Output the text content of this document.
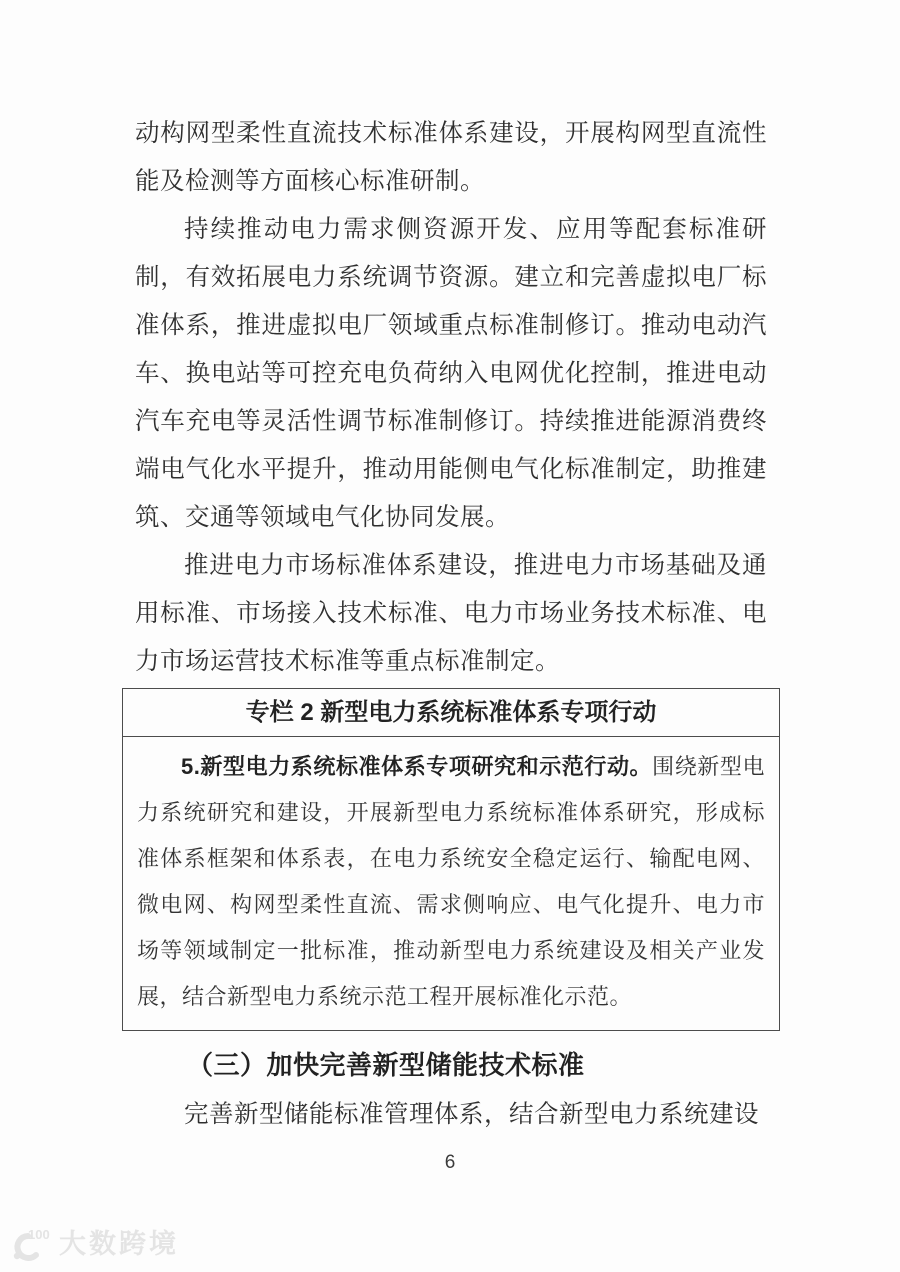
动构网型柔性直流技术标准体系建设，开展构网型直流性能及检测等方面核心标准研制。

持续推动电力需求侧资源开发、应用等配套标准研制，有效拓展电力系统调节资源。建立和完善虚拟电厂标准体系，推进虚拟电厂领域重点标准制修订。推动电动汽车、换电站等可控充电负荷纳入电网优化控制，推进电动汽车充电等灵活性调节标准制修订。持续推进能源消费终端电气化水平提升，推动用能侧电气化标准制定，助推建筑、交通等领域电气化协同发展。

推进电力市场标准体系建设，推进电力市场基础及通用标准、市场接入技术标准、电力市场业务技术标准、电力市场运营技术标准等重点标准制定。

专栏 2 新型电力系统标准体系专项行动

5.新型电力系统标准体系专项研究和示范行动。围绕新型电力系统研究和建设，开展新型电力系统标准体系研究，形成标准体系框架和体系表，在电力系统安全稳定运行、输配电网、微电网、构网型柔性直流、需求侧响应、电气化提升、电力市场等领域制定一批标准，推动新型电力系统建设及相关产业发展，结合新型电力系统示范工程开展标准化示范。

（三）加快完善新型储能技术标准

完善新型储能标准管理体系，结合新型电力系统建设

6
100 大数跨境
